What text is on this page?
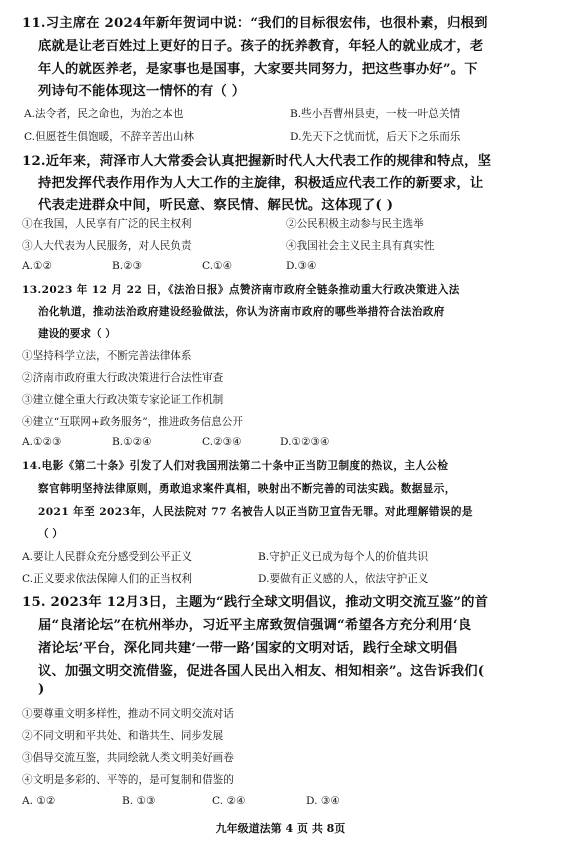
11.习主席在 2024年新年贺词中说：“我们的目标很宏伟，也很朴素，归根到
底就是让老百姓过上更好的日子。孩子的抚养教育，年轻人的就业成才，老
年人的就医养老，是家事也是国事，大家要共同努力，把这些事办好”。下
列诗句不能体现这一情怀的有（ ）
A.法令者，民之命也，为治之本也	B.些小吾曹州县吏，一枝一叶总关情
C.但愿苍生俱饱暖，不辞辛苦出山林	D.先天下之忧而忧，后天下之乐而乐
12.近年来，菏泽市人大常委会认真把握新时代人大代表工作的规律和特点，坚
持把发挥代表作用作为人大工作的主旋律，积极适应代表工作的新要求，让
代表走进群众中间，听民意、察民情、解民忧。这体现了( )
①在我国，人民享有广泛的民主权利	②公民积极主动参与民主选举
③人大代表为人民服务，对人民负责	④我国社会主义民主具有真实性
A.①②	B.②③	C.①④	D.③④
13.2023 年 12 月 22 日，《法治日报》点赞济南市政府全链条推动重大行政决策进入法
治化轨道，推动法治政府建设经验做法，你认为济南市政府的哪些举措符合法治政府
建设的要求（ ）
①坚持科学立法，不断完善法律体系
②济南市政府重大行政决策进行合法性审查
③建立健全重大行政决策专家论证工作机制
④建立“互联网+政务服务”，推进政务信息公开
A.①②③	B.①②④	C.②③④	D.①②③④
14.电影《第二十条》引发了人们对我国刑法第二十条中正当防卫制度的热议，主人公检
察官韩明坚持法律原则，勇敢追求案件真相，映射出不断完善的司法实践。数据显示，
2021 年至 2023年，人民法院对 77 名被告人以正当防卫宣告无罪。对此理解错误的是
（ ）
A.要让人民群众充分感受到公平正义	B.守护正义已成为每个人的价值共识
C.正义要求依法保障人们的正当权利	D.要做有正义感的人，依法守护正义
15. 2023年 12月3日，主题为“践行全球文明倡议，推动文明交流互鉴”的首
届“良渚论坛”在杭州举办，习近平主席致贺信强调“希望各方充分利用‘良
渚论坛’平台，深化同共建‘一带一路’国家的文明对话，践行全球文明倡
议、加强文明交流借鉴，促进各国人民出入相友、相知相亲”。这告诉我们(
)
①要尊重文明多样性，推动不同文明交流对话
②不同文明和平共处、和谐共生、同步发展
③倡导交流互鉴，共同绘就人类文明美好画卷
④文明是多彩的、平等的，是可复制和借鉴的
A. ①②	B. ①③	C. ②④	D. ③④
九年级道法第 4 页 共 8页
